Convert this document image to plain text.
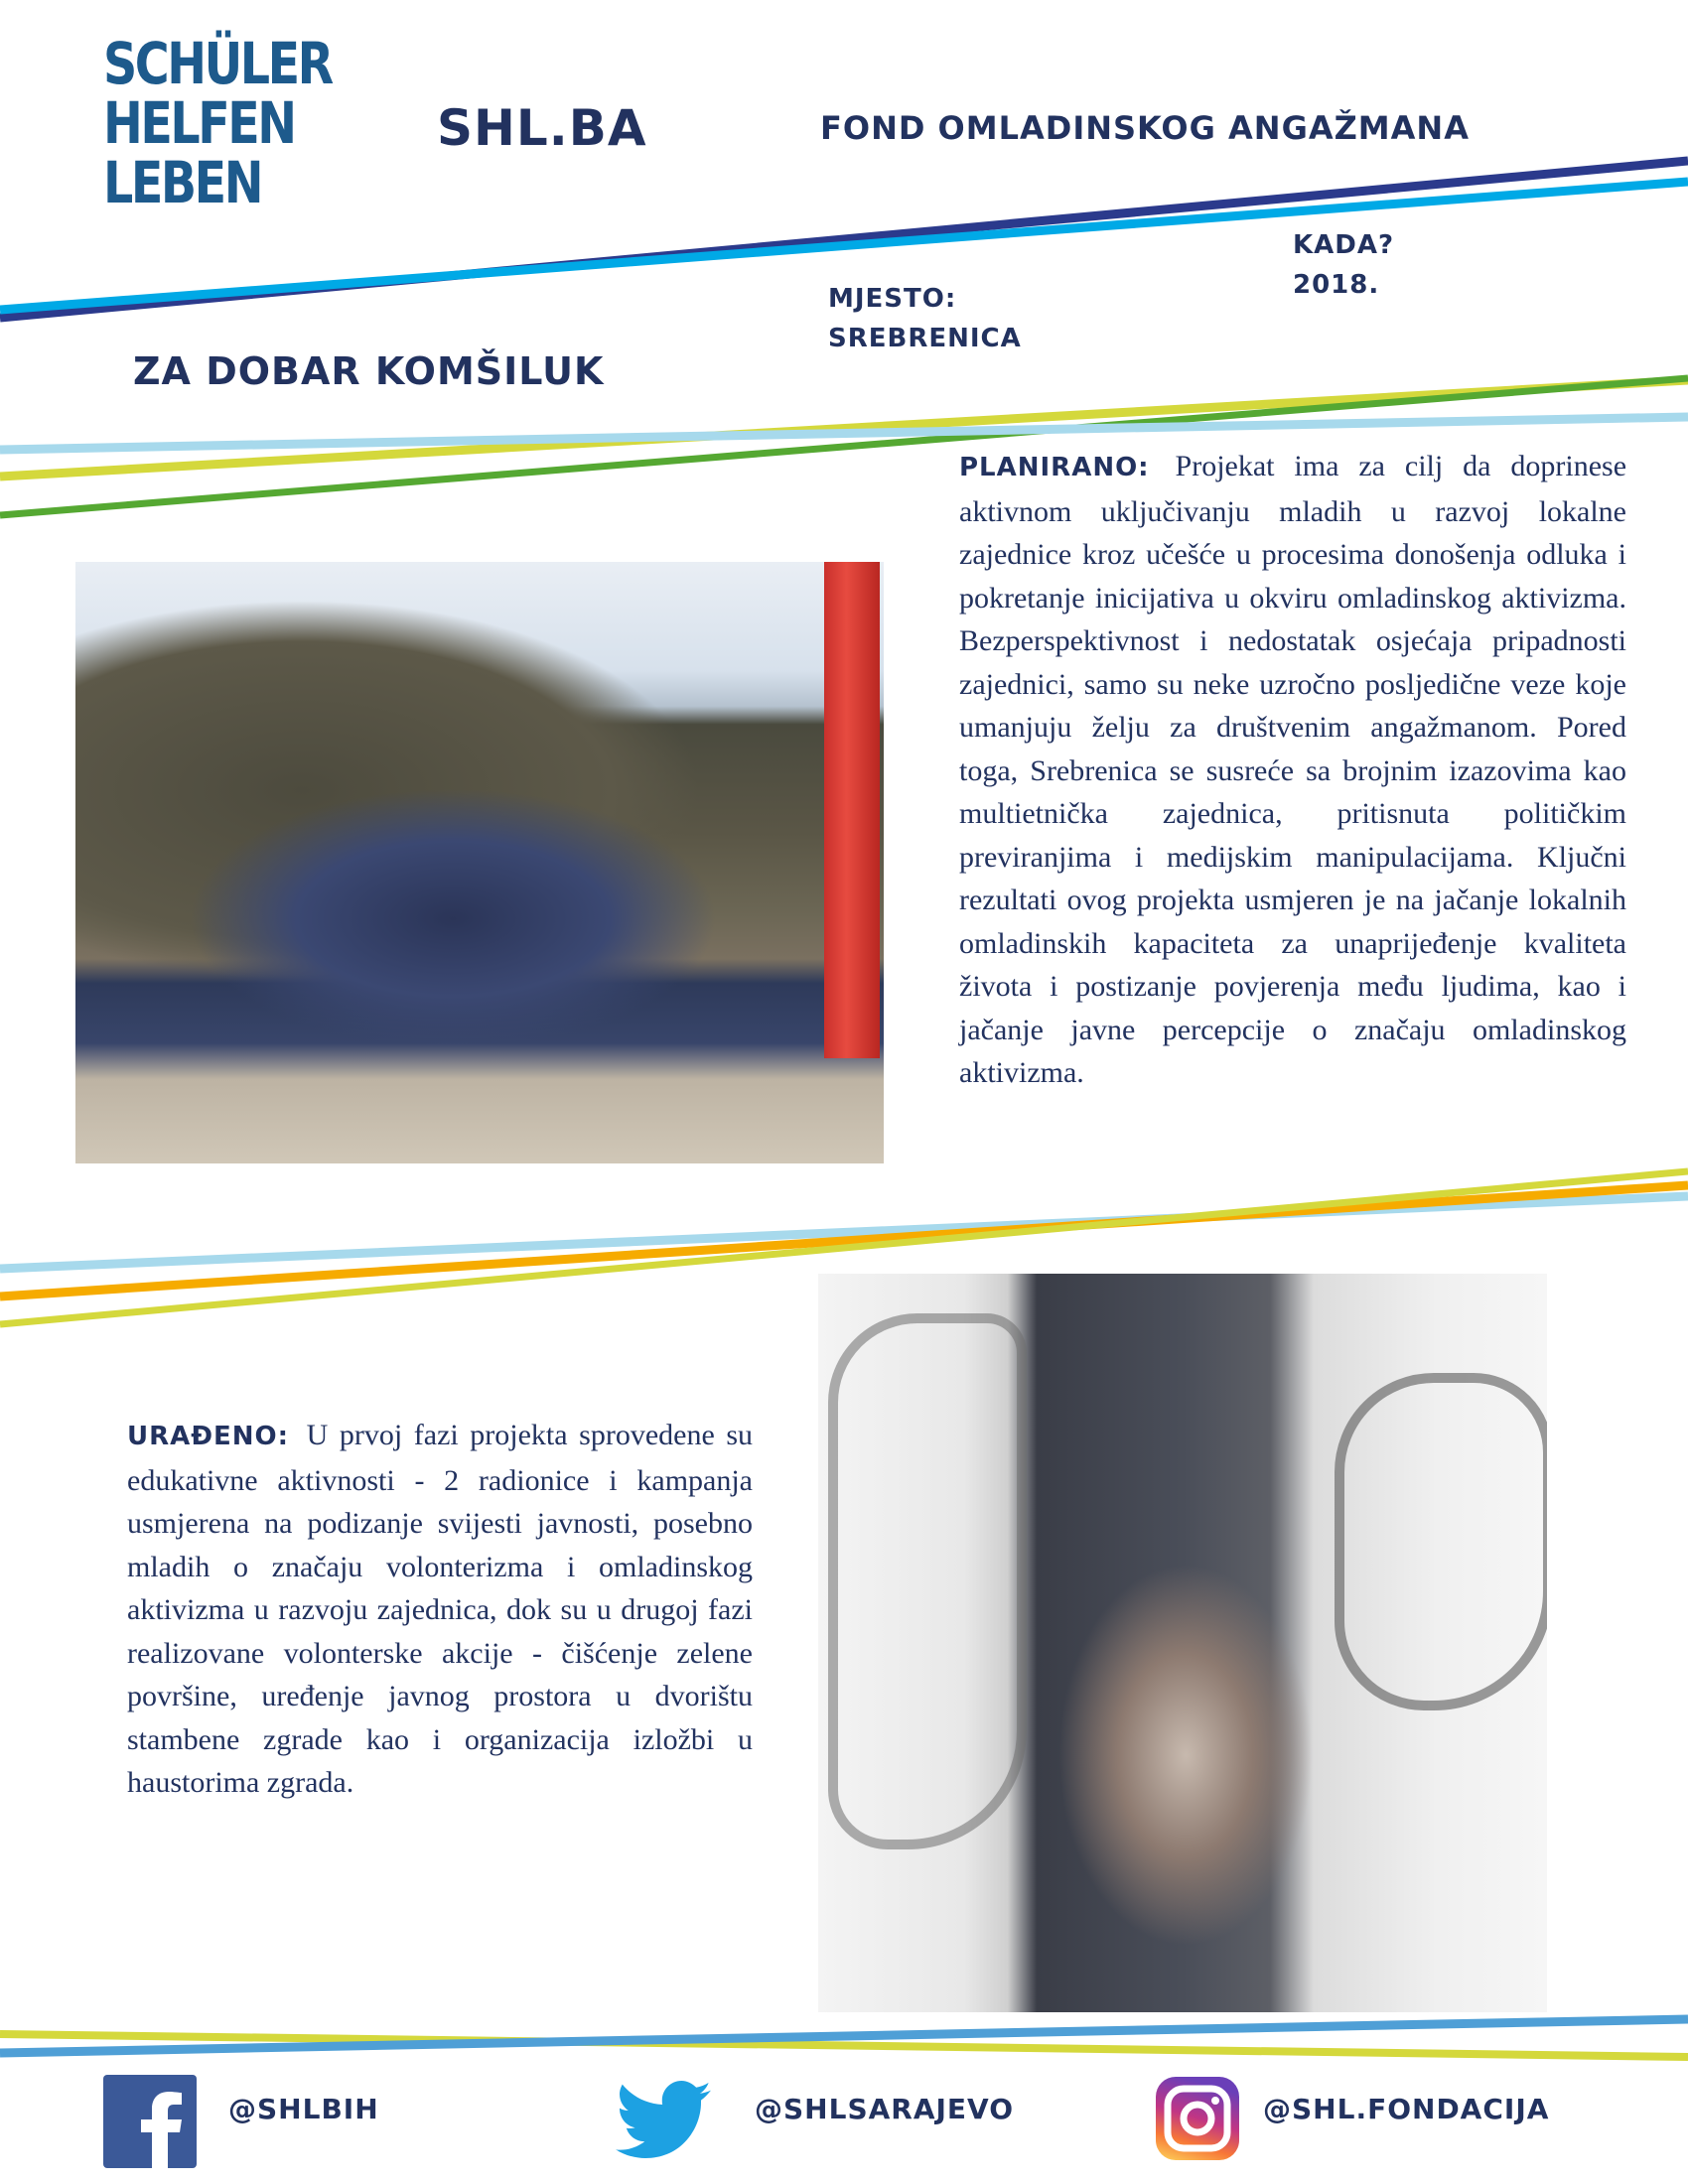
SCHÜLER
HELFEN
LEBEN
SHL.BA	FOND OMLADINSKOG ANGAŽMANA
KADA?
2018.
MJESTO:
SREBRENICA
ZA DOBAR KOMŠILUK
PLANIRANO: Projekat ima za cilj da doprinese aktivnom uključivanju mladih u razvoj lokalne zajednice kroz učešće u procesima donošenja odluka i pokretanje inicijativa u okviru omladinskog aktivizma. Bezperspektivnost i nedostatak osjećaja pripadnosti zajednici, samo su neke uzročno posljedične veze koje umanjuju želju za društvenim angažmanom. Pored toga, Srebrenica se susreće sa brojnim izazovima kao multietnička zajednica, pritisnuta političkim previranjima i medijskim manipulacijama. Ključni rezultati ovog projekta usmjeren je na jačanje lokalnih omladinskih kapaciteta za unaprijeđenje kvaliteta života i postizanje povjerenja među ljudima, kao i jačanje javne percepcije o značaju omladinskog aktivizma.
URAĐENO: U prvoj fazi projekta sprovedene su edukativne aktivnosti - 2 radionice i kampanja usmjerena na podizanje svijesti javnosti, posebno mladih o značaju volonterizma i omladinskog aktivizma u razvoju zajednica, dok su u drugoj fazi realizovane volonterske akcije - čišćenje zelene površine, uređenje javnog prostora u dvorištu stambene zgrade kao i organizacija izložbi u haustorima zgrada.
@SHLBIH	@SHLSARAJEVO	@SHL.FONDACIJA
